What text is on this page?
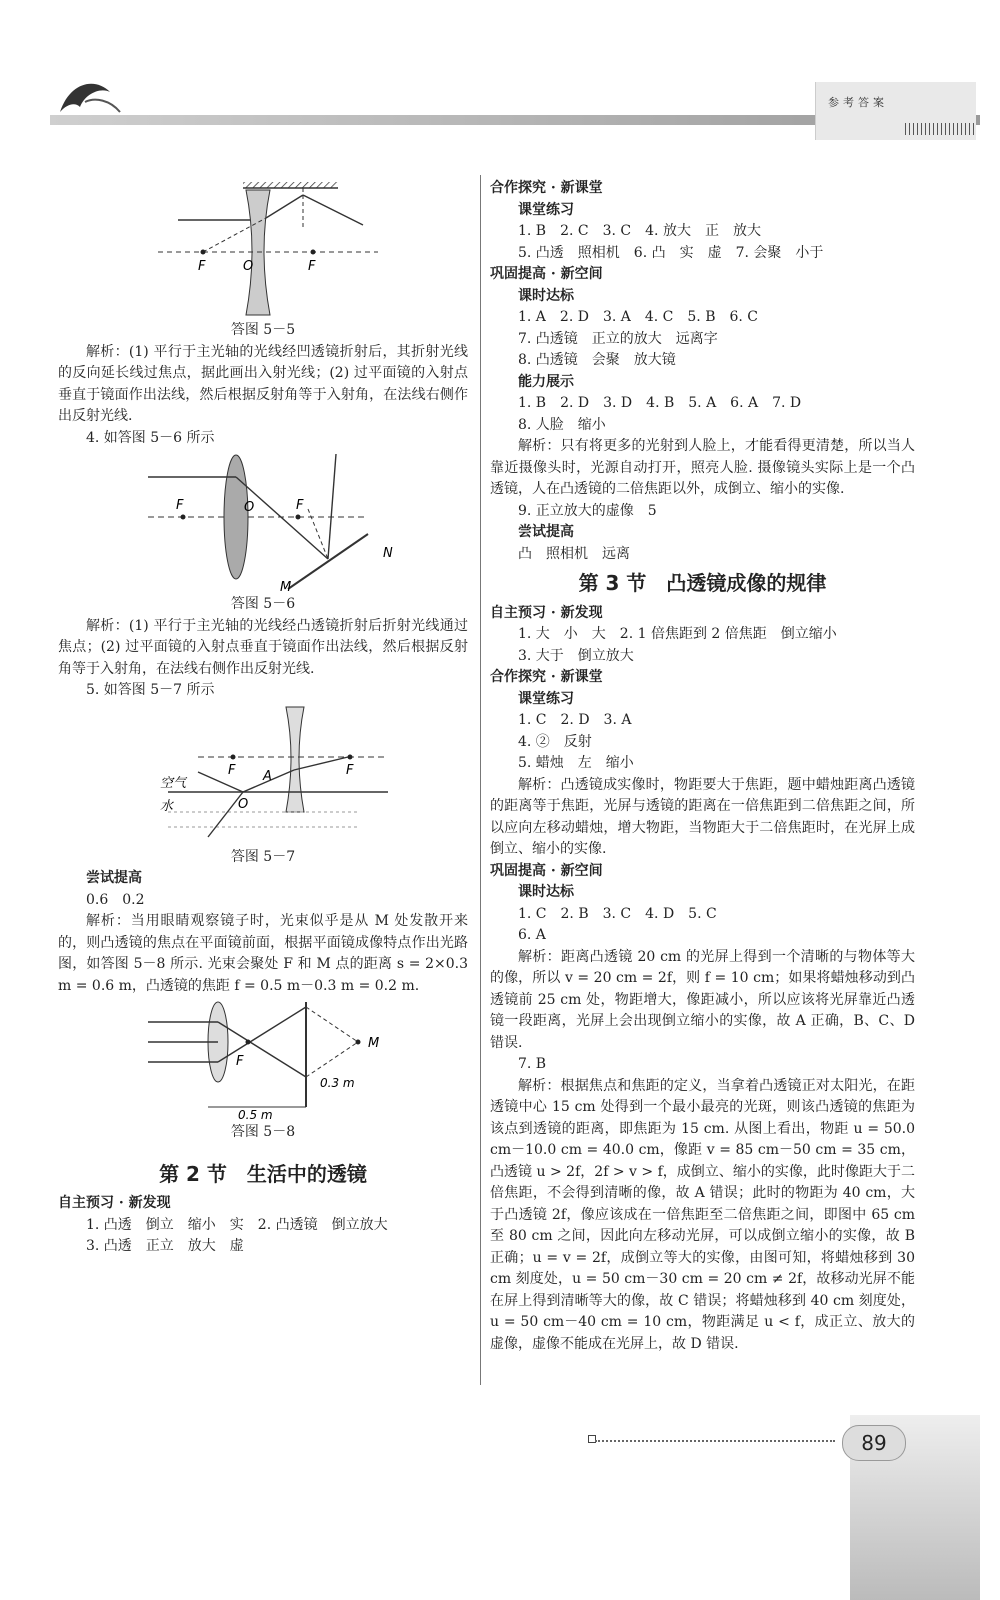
参考答案
F	O	F

答图 5－5

解析：(1) 平行于主光轴的光线经凹透镜折射后，其折射光线的反向延长线过焦点，据此画出入射光线；(2) 过平面镜的入射点垂直于镜面作出法线，然后根据反射角等于入射角，在法线右侧作出反射光线.

4. 如答图 5－6 所示

F	O	F
N
M

答图 5－6

解析：(1) 平行于主光轴的光线经凸透镜折射后折射光线通过焦点；(2) 过平面镜的入射点垂直于镜面作出法线，然后根据反射角等于入射角，在法线右侧作出反射光线.

5. 如答图 5－7 所示

F A	F
空气
水	O

答图 5－7

尝试提高

0.6　0.2

解析：当用眼睛观察镜子时，光束似乎是从 M 处发散开来的，则凸透镜的焦点在平面镜前面，根据平面镜成像特点作出光路图，如答图 5－8 所示. 光束会聚处 F 和 M 点的距离 s = 2×0.3 m = 0.6 m，凸透镜的焦距 f = 0.5 m－0.3 m = 0.2 m.

F
M
0.3 m
0.5 m

答图 5－8

第 2 节　生活中的透镜

自主预习 · 新发现

1. 凸透　倒立　缩小　实　2. 凸透镜　倒立放大

3. 凸透　正立　放大　虚

合作探究 · 新课堂

课堂练习

1. B　2. C　3. C　4. 放大　正　放大

5. 凸透　照相机　6. 凸　实　虚　7. 会聚　小于

巩固提高 · 新空间

课时达标

1. A　2. D　3. A　4. C　5. B　6. C

7. 凸透镜　正立的放大　远离字

8. 凸透镜　会聚　放大镜

能力展示

1. B　2. D　3. D　4. B　5. A　6. A　7. D

8. 人脸　缩小

解析：只有将更多的光射到人脸上，才能看得更清楚，所以当人靠近摄像头时，光源自动打开，照亮人脸. 摄像镜头实际上是一个凸透镜，人在凸透镜的二倍焦距以外，成倒立、缩小的实像.

9. 正立放大的虚像　5

尝试提高

凸　照相机　远离

第 3 节　凸透镜成像的规律

自主预习 · 新发现

1. 大　小　大　2. 1 倍焦距到 2 倍焦距　倒立缩小

3. 大于　倒立放大

合作探究 · 新课堂

课堂练习

1. C　2. D　3. A

4. ②　反射

5. 蜡烛　左　缩小

解析：凸透镜成实像时，物距要大于焦距，题中蜡烛距离凸透镜的距离等于焦距，光屏与透镜的距离在一倍焦距到二倍焦距之间，所以应向左移动蜡烛，增大物距，当物距大于二倍焦距时，在光屏上成倒立、缩小的实像.

巩固提高 · 新空间

课时达标

1. C　2. B　3. C　4. D　5. C

6. A

解析：距离凸透镜 20 cm 的光屏上得到一个清晰的与物体等大的像，所以 v = 20 cm = 2f，则 f = 10 cm；如果将蜡烛移动到凸透镜前 25 cm 处，物距增大，像距减小，所以应该将光屏靠近凸透镜一段距离，光屏上会出现倒立缩小的实像，故 A 正确，B、C、D 错误.

7. B

解析：根据焦点和焦距的定义，当拿着凸透镜正对太阳光，在距透镜中心 15 cm 处得到一个最小最亮的光斑，则该凸透镜的焦距为该点到透镜的距离，即焦距为 15 cm. 从图上看出，物距 u = 50.0 cm－10.0 cm = 40.0 cm，像距 v = 85 cm－50 cm = 35 cm，凸透镜 u > 2f，2f > v > f，成倒立、缩小的实像，此时像距大于二倍焦距，不会得到清晰的像，故 A 错误；此时的物距为 40 cm，大于凸透镜 2f，像应该成在一倍焦距至二倍焦距之间，即图中 65 cm 至 80 cm 之间，因此向左移动光屏，可以成倒立缩小的实像，故 B 正确；u = v = 2f，成倒立等大的实像，由图可知，将蜡烛移到 30 cm 刻度处，u = 50 cm－30 cm = 20 cm ≠ 2f，故移动光屏不能在屏上得到清晰等大的像，故 C 错误；将蜡烛移到 40 cm 刻度处，u = 50 cm－40 cm = 10 cm，物距满足 u < f，成正立、放大的虚像，虚像不能成在光屏上，故 D 错误.

89
